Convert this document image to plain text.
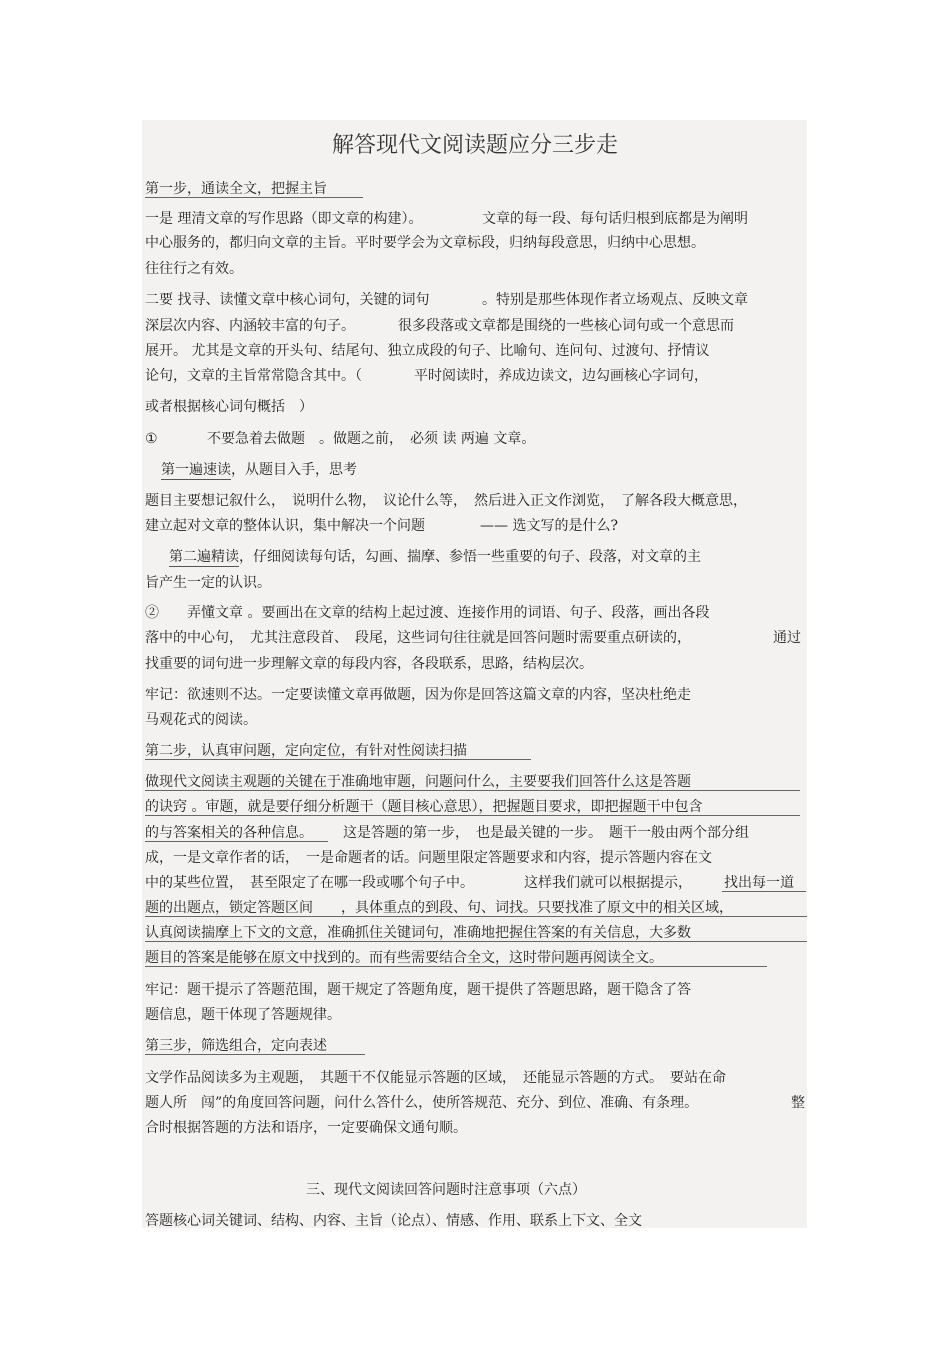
解答现代文阅读题应分三步走
第一步，通读全文，把握主旨
一是 理清文章的写作思路（即文章的构建）。	文章的每一段、每句话归根到底都是为阐明
中心服务的，都归向文章的主旨。平时要学会为文章标段，归纳每段意思，归纳中心思想。
往往行之有效。
二要 找寻、读懂文章中核心词句，关键的词句	。特别是那些体现作者立场观点、反映文章
深层次内容、内涵较丰富的句子。	很多段落或文章都是围绕的一些核心词句或一个意思而
展开。 尤其是文章的开头句、结尾句、独立成段的句子、比喻句、连问句、过渡句、抒情议
论句，文章的主旨常常隐含其中。（	平时阅读时，养成边读文，边勾画核心字词句，
或者根据核心词句概括　）
①	不要急着去做题　。做题之前，　必须 读 两遍 文章。
第一遍速读，从题目入手，思考
题目主要想记叙什么，　说明什么物，　议论什么等，　然后进入正文作浏览，　了解各段大概意思，
建立起对文章的整体认识，集中解决一个问题	—— 选文写的是什么?
第二遍精读，仔细阅读每句话，勾画、揣摩、参悟一些重要的句子、段落，对文章的主
旨产生一定的认识。
②　　弄懂文章 。要画出在文章的结构上起过渡、连接作用的词语、句子、段落，画出各段
落中的中心句，　尤其注意段首、　段尾，这些词句往往就是回答问题时需要重点研读的，	通过
找重要的词句进一步理解文章的每段内容，各段联系，思路，结构层次。
牢记：欲速则不达。一定要读懂文章再做题，因为你是回答这篇文章的内容，坚决杜绝走
马观花式的阅读。
第二步，认真审问题，定向定位，有针对性阅读扫描
做现代文阅读主观题的关键在于准确地审题，问题问什么，主要要我们回答什么这是答题
的诀窍 。审题，就是要仔细分析题干（题目核心意思），把握题目要求，即把握题干中包含
的与答案相关的各种信息。 这是答题的第一步，　也是最关键的一步。　题干一般由两个部分组
成，一是文章作者的话，　一是命题者的话。问题里限定答题要求和内容，提示答题内容在文
中的某些位置，　甚至限定了在哪一段或哪个句子中。	这样我们就可以根据提示， 找出每一道
题的出题点，锁定答题区间　　，具体重点的到段、句、词找。只要找准了原文中的相关区域，
认真阅读揣摩上下文的文意，准确抓住关键词句，准确地把握住答案的有关信息，大多数
题目的答案是能够在原文中找到的。而有些需要结合全文，这时带问题再阅读全文。
牢记：题干提示了答题范围，题干规定了答题角度，题干提供了答题思路，题干隐含了答
题信息，题干体现了答题规律。
第三步，筛选组合，定向表述
文学作品阅读多为主观题，　其题干不仅能显示答题的区域，　还能显示答题的方式。　要站在命
题人所　闯”的角度回答问题，问什么答什么，使所答规范、充分、到位、准确、有条理。	整
合时根据答题的方法和语序，一定要确保文通句顺。
三、现代文阅读回答问题时注意事项（六点）
答题核心词关键词、结构、内容、主旨（论点）、情感、作用、联系上下文、全文
